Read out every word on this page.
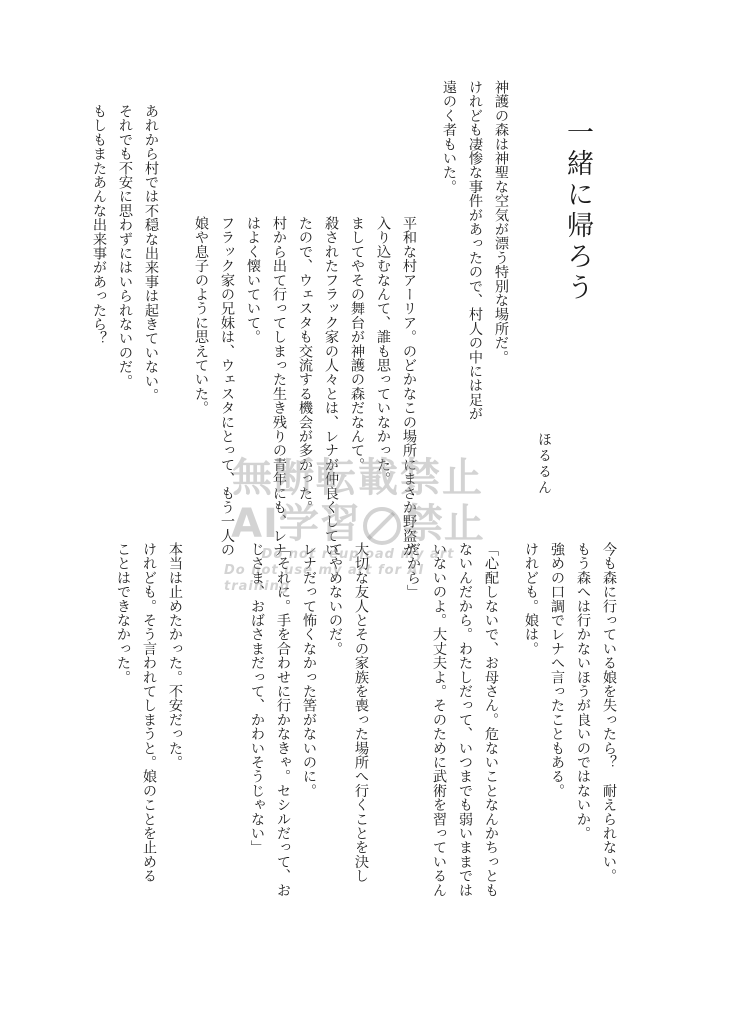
一緒に帰ろう
ほるるん
神護の森は神聖な空気が漂う特別な場所だ。
けれども凄惨な事件があったので、村人の中には足が
遠のく者もいた。
平和な村アーリア。のどかなこの場所にまさか野盗が
入り込むなんて、誰も思っていなかった。
ましてやその舞台が神護の森だなんて。
殺されたフラック家の人々とは、レナが仲良くしてい
たので、ウェスタも交流する機会が多かった。
村から出て行ってしまった生き残りの青年にも、レナ
はよく懐いていて。
フラック家の兄妹は、ウェスタにとって、もう一人の
娘や息子のように思えていた。
あれから村では不穏な出来事は起きていない。
それでも不安に思わずにはいられないのだ。
もしもまたあんな出来事があったら？
今も森に行っている娘を失ったら？　耐えられない。
もう森へは行かないほうが良いのではないか。
強めの口調でレナへ言ったこともある。
けれども。娘は。
「心配しないで、お母さん。危ないことなんかちっとも
ないんだから。わたしだって、いつまでも弱いままでは
いないのよ。大丈夫よ。そのために武術を習っているん
だから」

大切な友人とその家族を喪った場所へ行くことを決し
てやめないのだ。
レナだって怖くなかった筈がないのに。
「それに。手を合わせに行かなきゃ。セシルだって、お
じさま、おばさまだって、かわいそうじゃない」
本当は止めたかった。不安だった。
けれども。そう言われてしまうと。娘のことを止める
ことはできなかった。
無断転載禁止
AI学習 禁止
Do not reupload my art
Do not use my art for AI training
